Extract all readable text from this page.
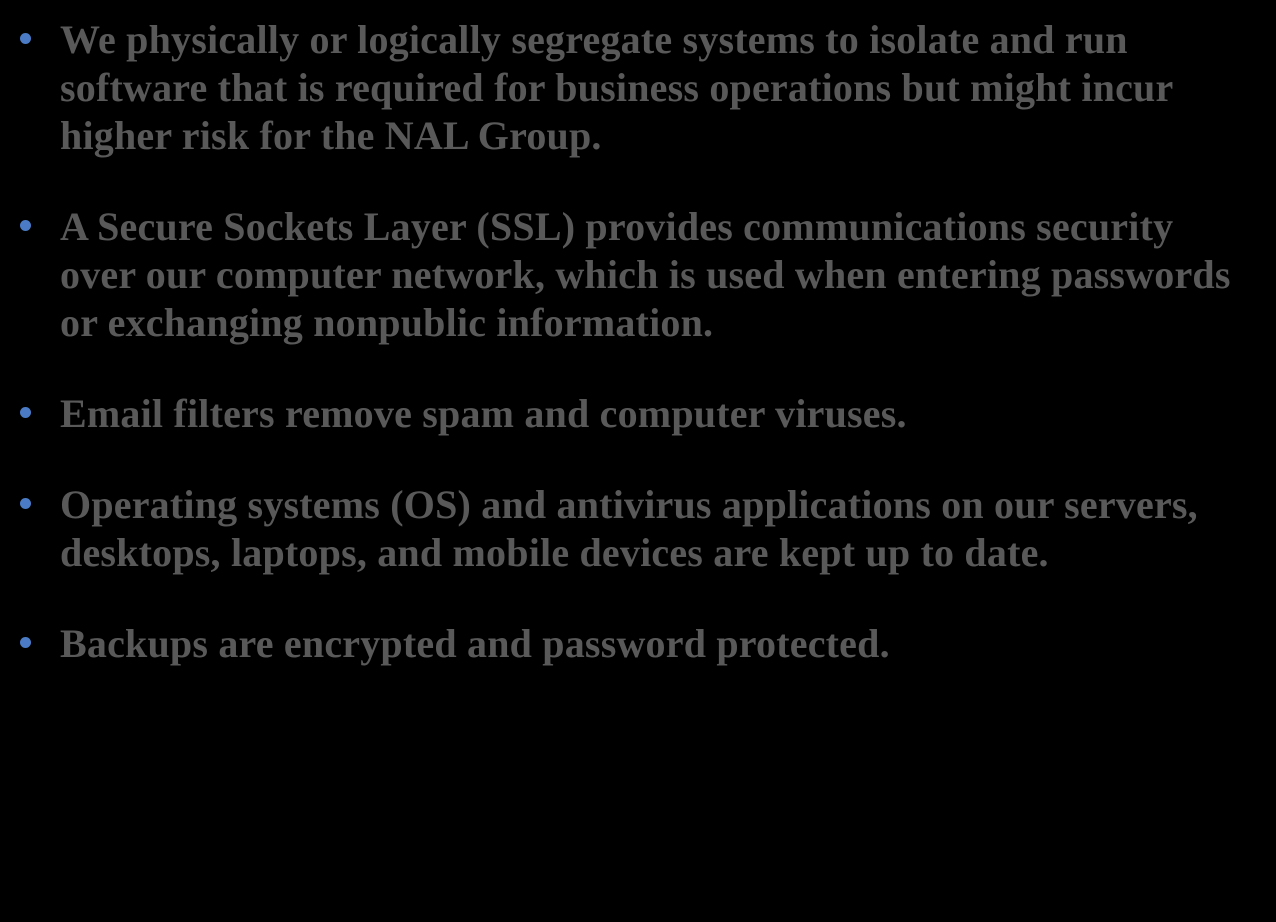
We physically or logically segregate systems to isolate and run
software that is required for business operations but might incur
higher risk for the NAL Group.
A Secure Sockets Layer (SSL) provides communications security
over our computer network, which is used when entering passwords
or exchanging nonpublic information.
Email filters remove spam and computer viruses.
Operating systems (OS) and antivirus applications on our servers,
desktops, laptops, and mobile devices are kept up to date.
Backups are encrypted and password protected.
